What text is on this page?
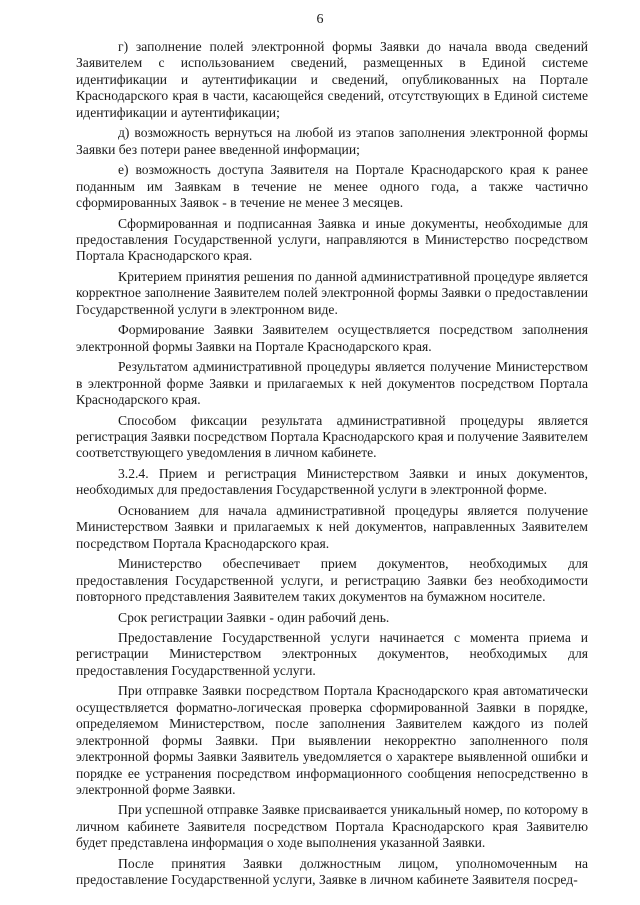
6

г) заполнение полей электронной формы Заявки до начала ввода сведений Заявителем с использованием сведений, размещенных в Единой системе идентификации и аутентификации и сведений, опубликованных на Портале Краснодарского края в части, касающейся сведений, отсутствующих в Единой системе идентификации и аутентификации;

д) возможность вернуться на любой из этапов заполнения электронной формы Заявки без потери ранее введенной информации;

е) возможность доступа Заявителя на Портале Краснодарского края к ранее поданным им Заявкам в течение не менее одного года, а также частично сформированных Заявок - в течение не менее 3 месяцев.

Сформированная и подписанная Заявка и иные документы, необходимые для предоставления Государственной услуги, направляются в Министерство посредством Портала Краснодарского края.

Критерием принятия решения по данной административной процедуре является корректное заполнение Заявителем полей электронной формы Заявки о предоставлении Государственной услуги в электронном виде.

Формирование Заявки Заявителем осуществляется посредством заполнения электронной формы Заявки на Портале Краснодарского края.

Результатом административной процедуры является получение Министерством в электронной форме Заявки и прилагаемых к ней документов посредством Портала Краснодарского края.

Способом фиксации результата административной процедуры является регистрация Заявки посредством Портала Краснодарского края и получение Заявителем соответствующего уведомления в личном кабинете.

3.2.4. Прием и регистрация Министерством Заявки и иных документов, необходимых для предоставления Государственной услуги в электронной форме.

Основанием для начала административной процедуры является получение Министерством Заявки и прилагаемых к ней документов, направленных Заявителем посредством Портала Краснодарского края.

Министерство обеспечивает прием документов, необходимых для предоставления Государственной услуги, и регистрацию Заявки без необходимости повторного представления Заявителем таких документов на бумажном носителе.

Срок регистрации Заявки - один рабочий день.

Предоставление Государственной услуги начинается с момента приема и регистрации Министерством электронных документов, необходимых для предоставления Государственной услуги.

При отправке Заявки посредством Портала Краснодарского края автоматически осуществляется форматно-логическая проверка сформированной Заявки в порядке, определяемом Министерством, после заполнения Заявителем каждого из полей электронной формы Заявки. При выявлении некорректно заполненного поля электронной формы Заявки Заявитель уведомляется о характере выявленной ошибки и порядке ее устранения посредством информационного сообщения непосредственно в электронной форме Заявки.

При успешной отправке Заявке присваивается уникальный номер, по которому в личном кабинете Заявителя посредством Портала Краснодарского края Заявителю будет представлена информация о ходе выполнения указанной Заявки.

После принятия Заявки должностным лицом, уполномоченным на предоставление Государственной услуги, Заявке в личном кабинете Заявителя посред-
